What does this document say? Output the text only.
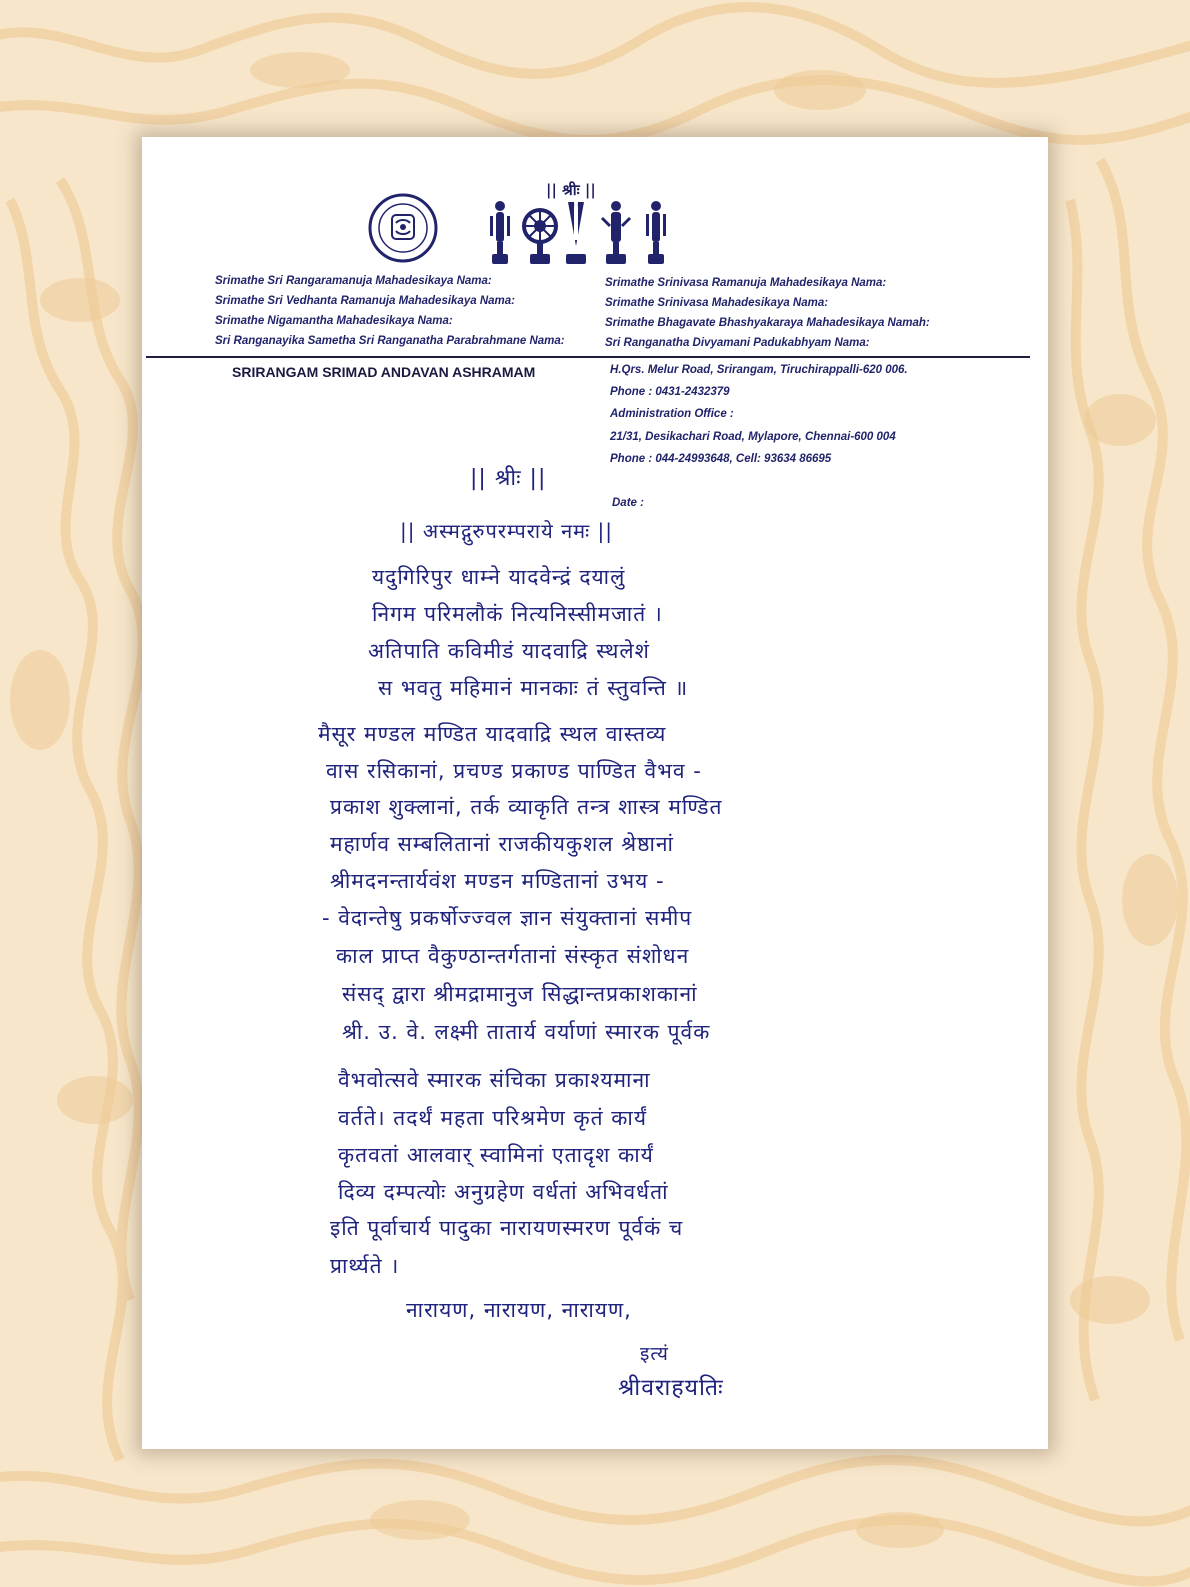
|| श्रीः ||
Srimathe Sri Rangaramanuja Mahadesikaya Nama:
Srimathe Sri Vedhanta Ramanuja Mahadesikaya Nama:
Srimathe Nigamantha Mahadesikaya Nama:
Sri Ranganayika Sametha Sri Ranganatha Parabrahmane Nama:
Srimathe Srinivasa Ramanuja Mahadesikaya Nama:
Srimathe Srinivasa Mahadesikaya Nama:
Srimathe Bhagavate Bhashyakaraya Mahadesikaya Namah:
Sri Ranganatha Divyamani Padukabhyam Nama:
SRIRANGAM SRIMAD ANDAVAN ASHRAMAM	H.Qrs. Melur Road, Srirangam, Tiruchirappalli-620 006.
Phone : 0431-2432379
Administration Office :
21/31, Desikachari Road, Mylapore, Chennai-600 004
Phone : 044-24993648, Cell: 93634 86695
Date :
|| श्रीः ||
|| अस्मद्गुरुपरम्पराये नमः ||
यदुगिरिपुर धाम्ने यादवेन्द्रं दयालुं
निगम परिमलौकं नित्यनिस्सीमजातं ।
अतिपाति कविमीडं यादवाद्रि स्थलेशं
स भवतु महिमानं मानकाः तं स्तुवन्ति ॥
मैसूर मण्डल मण्डित यादवाद्रि स्थल वास्तव्य
वास रसिकानां, प्रचण्ड प्रकाण्ड पाण्डित वैभव -
प्रकाश शुक्लानां, तर्क व्याकृति तन्त्र शास्त्र मण्डित
महार्णव सम्बलितानां राजकीयकुशल श्रेष्ठानां
श्रीमदनन्तार्यवंश मण्डन मण्डितानां उभय -
- वेदान्तेषु प्रकर्षोज्ज्वल ज्ञान संयुक्तानां समीप
काल प्राप्त वैकुण्ठान्तर्गतानां संस्कृत संशोधन
संसद् द्वारा श्रीमद्रामानुज सिद्धान्तप्रकाशकानां
श्री. उ. वे. लक्ष्मी तातार्य वर्याणां स्मारक पूर्वक
वैभवोत्सवे स्मारक संचिका प्रकाश्यमाना
वर्तते। तदर्थं महता परिश्रमेण कृतं कार्यं
कृतवतां आलवार् स्वामिनां एतादृश कार्यं
दिव्य दम्पत्योः अनुग्रहेण वर्धतां अभिवर्धतां
इति पूर्वाचार्य पादुका नारायणस्मरण पूर्वकं च
प्रार्थ्यते ।
नारायण, नारायण, नारायण,
इत्यं
श्रीवराहयतिः
